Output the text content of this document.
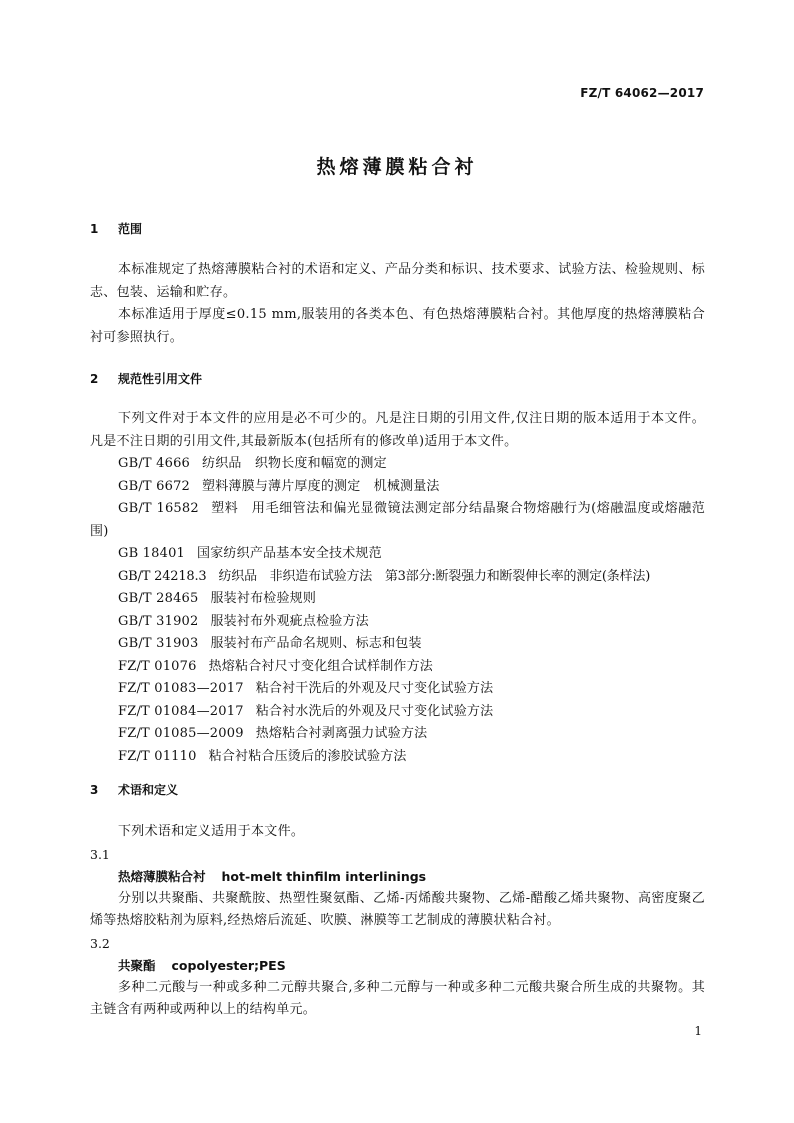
FZ/T 64062—2017
热熔薄膜粘合衬
1 范围
本标准规定了热熔薄膜粘合衬的术语和定义、产品分类和标识、技术要求、试验方法、检验规则、标志、包装、运输和贮存。
本标准适用于厚度≤0.15 mm,服装用的各类本色、有色热熔薄膜粘合衬。其他厚度的热熔薄膜粘合衬可参照执行。
2 规范性引用文件
下列文件对于本文件的应用是必不可少的。凡是注日期的引用文件,仅注日期的版本适用于本文件。凡是不注日期的引用文件,其最新版本(包括所有的修改单)适用于本文件。
GB/T 4666 纺织品　织物长度和幅宽的测定
GB/T 6672 塑料薄膜与薄片厚度的测定　机械测量法
GB/T 16582 塑料　用毛细管法和偏光显微镜法测定部分结晶聚合物熔融行为(熔融温度或熔融范围)
GB 18401 国家纺织产品基本安全技术规范
GB/T 24218.3 纺织品　非织造布试验方法　第3部分:断裂强力和断裂伸长率的测定(条样法)
GB/T 28465 服装衬布检验规则
GB/T 31902 服装衬布外观疵点检验方法
GB/T 31903 服装衬布产品命名规则、标志和包装
FZ/T 01076 热熔粘合衬尺寸变化组合试样制作方法
FZ/T 01083—2017 粘合衬干洗后的外观及尺寸变化试验方法
FZ/T 01084—2017 粘合衬水洗后的外观及尺寸变化试验方法
FZ/T 01085—2009 热熔粘合衬剥离强力试验方法
FZ/T 01110 粘合衬粘合压烫后的渗胶试验方法
3 术语和定义
下列术语和定义适用于本文件。
3.1
热熔薄膜粘合衬 hot-melt thinfilm interlinings
分别以共聚酯、共聚酰胺、热塑性聚氨酯、乙烯-丙烯酸共聚物、乙烯-醋酸乙烯共聚物、高密度聚乙烯等热熔胶粘剂为原料,经热熔后流延、吹膜、淋膜等工艺制成的薄膜状粘合衬。
3.2
共聚酯 copolyester;PES
多种二元酸与一种或多种二元醇共聚合,多种二元醇与一种或多种二元酸共聚合所生成的共聚物。其主链含有两种或两种以上的结构单元。
1
